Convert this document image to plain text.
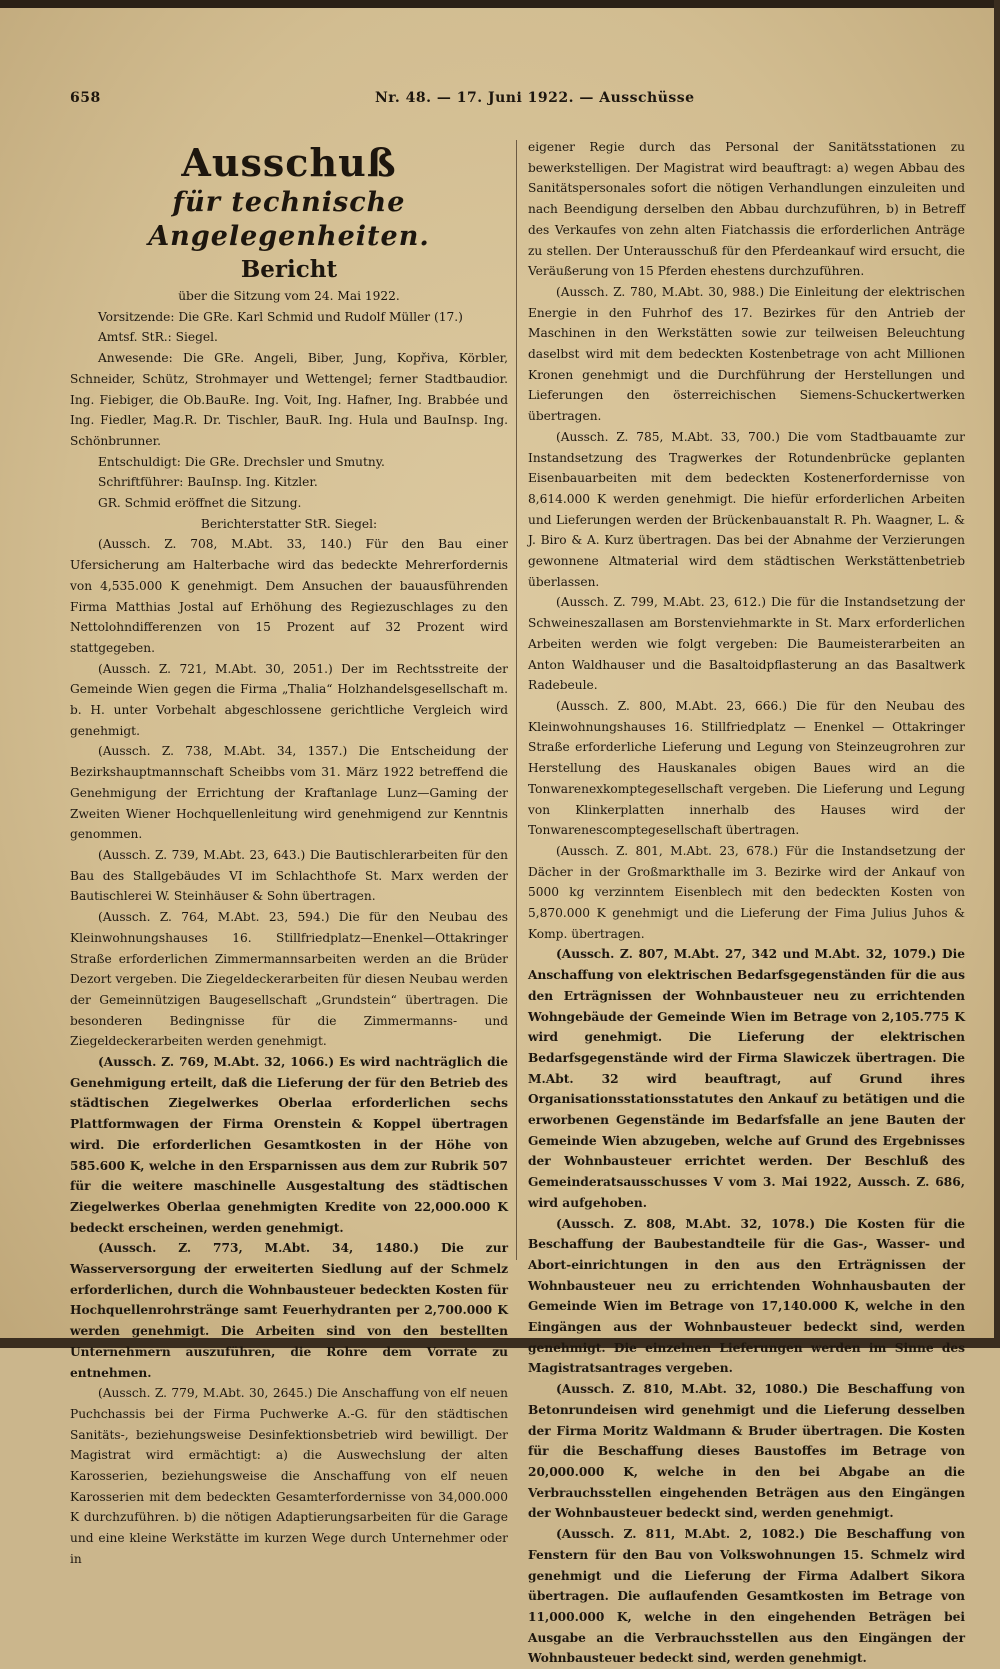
658	Nr. 48. — 17. Juni 1922. — Ausschüsse
Ausschuß
für technische Angelegenheiten.
Bericht
über die Sitzung vom 24. Mai 1922.

Vorsitzende: Die GRe. Karl Schmid und Rudolf Müller (17.)

Amtsf. StR.: Siegel.

Anwesende: Die GRe. Angeli, Biber, Jung, Kopřiva, Körbler, Schneider, Schütz, Strohmayer und Wettengel; ferner Stadtbaudior. Ing. Fiebiger, die Ob.BauRe. Ing. Voit, Ing. Hafner, Ing. Brabbée und Ing. Fiedler, Mag.R. Dr. Tischler, BauR. Ing. Hula und BauInsp. Ing. Schönbrunner.

Entschuldigt: Die GRe. Drechsler und Smutny.

Schriftführer: BauInsp. Ing. Kitzler.

GR. Schmid eröffnet die Sitzung.

Berichterstatter StR. Siegel:

(Aussch. Z. 708, M.Abt. 33, 140.) Für den Bau einer Ufersicherung am Halterbache wird das bedeckte Mehrerfordernis von 4,535.000 K genehmigt. Dem Ansuchen der bauausführenden Firma Matthias Jostal auf Erhöhung des Regiezuschlages zu den Nettolohndifferenzen von 15 Prozent auf 32 Prozent wird stattgegeben.

(Aussch. Z. 721, M.Abt. 30, 2051.) Der im Rechtsstreite der Gemeinde Wien gegen die Firma „Thalia“ Holzhandelsgesellschaft m. b. H. unter Vorbehalt abgeschlossene gerichtliche Vergleich wird genehmigt.

(Aussch. Z. 738, M.Abt. 34, 1357.) Die Entscheidung der Bezirkshauptmannschaft Scheibbs vom 31. März 1922 betreffend die Genehmigung der Errichtung der Kraftanlage Lunz—Gaming der Zweiten Wiener Hochquellenleitung wird genehmigend zur Kenntnis genommen.

(Aussch. Z. 739, M.Abt. 23, 643.) Die Bautischlerarbeiten für den Bau des Stallgebäudes VI im Schlachthofe St. Marx werden der Bautischlerei W. Steinhäuser & Sohn übertragen.

(Aussch. Z. 764, M.Abt. 23, 594.) Die für den Neubau des Kleinwohnungshauses 16. Stillfriedplatz—Enenkel—Ottakringer Straße erforderlichen Zimmermannsarbeiten werden an die Brüder Dezort vergeben. Die Ziegeldeckerarbeiten für diesen Neubau werden der Gemeinnützigen Baugesellschaft „Grundstein“ übertragen. Die besonderen Bedingnisse für die Zimmermanns- und Ziegeldeckerarbeiten werden genehmigt.

(Aussch. Z. 769, M.Abt. 32, 1066.) Es wird nachträglich die Genehmigung erteilt, daß die Lieferung der für den Betrieb des städtischen Ziegelwerkes Oberlaa erforderlichen sechs Plattformwagen der Firma Orenstein & Koppel übertragen wird. Die erforderlichen Gesamtkosten in der Höhe von 585.600 K, welche in den Ersparnissen aus dem zur Rubrik 507 für die weitere maschinelle Ausgestaltung des städtischen Ziegelwerkes Oberlaa genehmigten Kredite von 22,000.000 K bedeckt erscheinen, werden genehmigt.

(Aussch. Z. 773, M.Abt. 34, 1480.) Die zur Wasserversorgung der erweiterten Siedlung auf der Schmelz erforderlichen, durch die Wohnbausteuer bedeckten Kosten für Hochquellenrohrstränge samt Feuerhydranten per 2,700.000 K werden genehmigt. Die Arbeiten sind von den bestellten Unternehmern auszuführen, die Rohre dem Vorrate zu entnehmen.

(Aussch. Z. 779, M.Abt. 30, 2645.) Die Anschaffung von elf neuen Puchchassis bei der Firma Puchwerke A.-G. für den städtischen Sanitäts-, beziehungsweise Desinfektionsbetrieb wird bewilligt. Der Magistrat wird ermächtigt: a) die Auswechslung der alten Karosserien, beziehungsweise die Anschaffung von elf neuen Karosserien mit dem bedeckten Gesamterfordernisse von 34,000.000 K durchzuführen. b) die nötigen Adaptierungsarbeiten für die Garage und eine kleine Werkstätte im kurzen Wege durch Unternehmer oder in

eigener Regie durch das Personal der Sanitätsstationen zu bewerkstelligen. Der Magistrat wird beauftragt: a) wegen Abbau des Sanitätspersonales sofort die nötigen Verhandlungen einzuleiten und nach Beendigung derselben den Abbau durchzuführen, b) in Betreff des Verkaufes von zehn alten Fiatchassis die erforderlichen Anträge zu stellen. Der Unterausschuß für den Pferdeankauf wird ersucht, die Veräußerung von 15 Pferden ehestens durchzuführen.

(Aussch. Z. 780, M.Abt. 30, 988.) Die Einleitung der elektrischen Energie in den Fuhrhof des 17. Bezirkes für den Antrieb der Maschinen in den Werkstätten sowie zur teilweisen Beleuchtung daselbst wird mit dem bedeckten Kostenbetrage von acht Millionen Kronen genehmigt und die Durchführung der Herstellungen und Lieferungen den österreichischen Siemens-Schuckertwerken übertragen.

(Aussch. Z. 785, M.Abt. 33, 700.) Die vom Stadtbauamte zur Instandsetzung des Tragwerkes der Rotundenbrücke geplanten Eisenbauarbeiten mit dem bedeckten Kostenerfordernisse von 8,614.000 K werden genehmigt. Die hiefür erforderlichen Arbeiten und Lieferungen werden der Brückenbauanstalt R. Ph. Waagner, L. & J. Biro & A. Kurz übertragen. Das bei der Abnahme der Verzierungen gewonnene Altmaterial wird dem städtischen Werkstättenbetrieb überlassen.

(Aussch. Z. 799, M.Abt. 23, 612.) Die für die Instandsetzung der Schweineszallasen am Borstenviehmarkte in St. Marx erforderlichen Arbeiten werden wie folgt vergeben: Die Baumeisterarbeiten an Anton Waldhauser und die Basaltoidpflasterung an das Basaltwerk Radebeule.

(Aussch. Z. 800, M.Abt. 23, 666.) Die für den Neubau des Kleinwohnungshauses 16. Stillfriedplatz — Enenkel — Ottakringer Straße erforderliche Lieferung und Legung von Steinzeugrohren zur Herstellung des Hauskanales obigen Baues wird an die Tonwarenexkomptegesellschaft vergeben. Die Lieferung und Legung von Klinkerplatten innerhalb des Hauses wird der Tonwarenescomptegesellschaft übertragen.

(Aussch. Z. 801, M.Abt. 23, 678.) Für die Instandsetzung der Dächer in der Großmarkthalle im 3. Bezirke wird der Ankauf von 5000 kg verzinntem Eisenblech mit den bedeckten Kosten von 5,870.000 K genehmigt und die Lieferung der Fima Julius Juhos & Komp. übertragen.

(Aussch. Z. 807, M.Abt. 27, 342 und M.Abt. 32, 1079.) Die Anschaffung von elektrischen Bedarfsgegenständen für die aus den Erträgnissen der Wohnbausteuer neu zu errichtenden Wohngebäude der Gemeinde Wien im Betrage von 2,105.775 K wird genehmigt. Die Lieferung der elektrischen Bedarfsgegenstände wird der Firma Slawiczek übertragen. Die M.Abt. 32 wird beauftragt, auf Grund ihres Organisationsstationsstatutes den Ankauf zu betätigen und die erworbenen Gegenstände im Bedarfsfalle an jene Bauten der Gemeinde Wien abzugeben, welche auf Grund des Ergebnisses der Wohnbausteuer errichtet werden. Der Beschluß des Gemeinderatsausschusses V vom 3. Mai 1922, Aussch. Z. 686, wird aufgehoben.

(Aussch. Z. 808, M.Abt. 32, 1078.) Die Kosten für die Beschaffung der Baubestandteile für die Gas-, Wasser- und Abort-einrichtungen in den aus den Erträgnissen der Wohnbausteuer neu zu errichtenden Wohnhausbauten der Gemeinde Wien im Betrage von 17,140.000 K, welche in den Eingängen aus der Wohnbausteuer bedeckt sind, werden genehmigt. Die einzelnen Lieferungen werden im Sinne des Magistratsantrages vergeben.

(Aussch. Z. 810, M.Abt. 32, 1080.) Die Beschaffung von Betonrundeisen wird genehmigt und die Lieferung desselben der Firma Moritz Waldmann & Bruder übertragen. Die Kosten für die Beschaffung dieses Baustoffes im Betrage von 20,000.000 K, welche in den bei Abgabe an die Verbrauchsstellen eingehenden Beträgen aus den Eingängen der Wohnbausteuer bedeckt sind, werden genehmigt.

(Aussch. Z. 811, M.Abt. 2, 1082.) Die Beschaffung von Fenstern für den Bau von Volkswohnungen 15. Schmelz wird genehmigt und die Lieferung der Firma Adalbert Sikora übertragen. Die auflaufenden Gesamtkosten im Betrage von 11,000.000 K, welche in den eingehenden Beträgen bei Ausgabe an die Verbrauchsstellen aus den Eingängen der Wohnbausteuer bedeckt sind, werden genehmigt.
